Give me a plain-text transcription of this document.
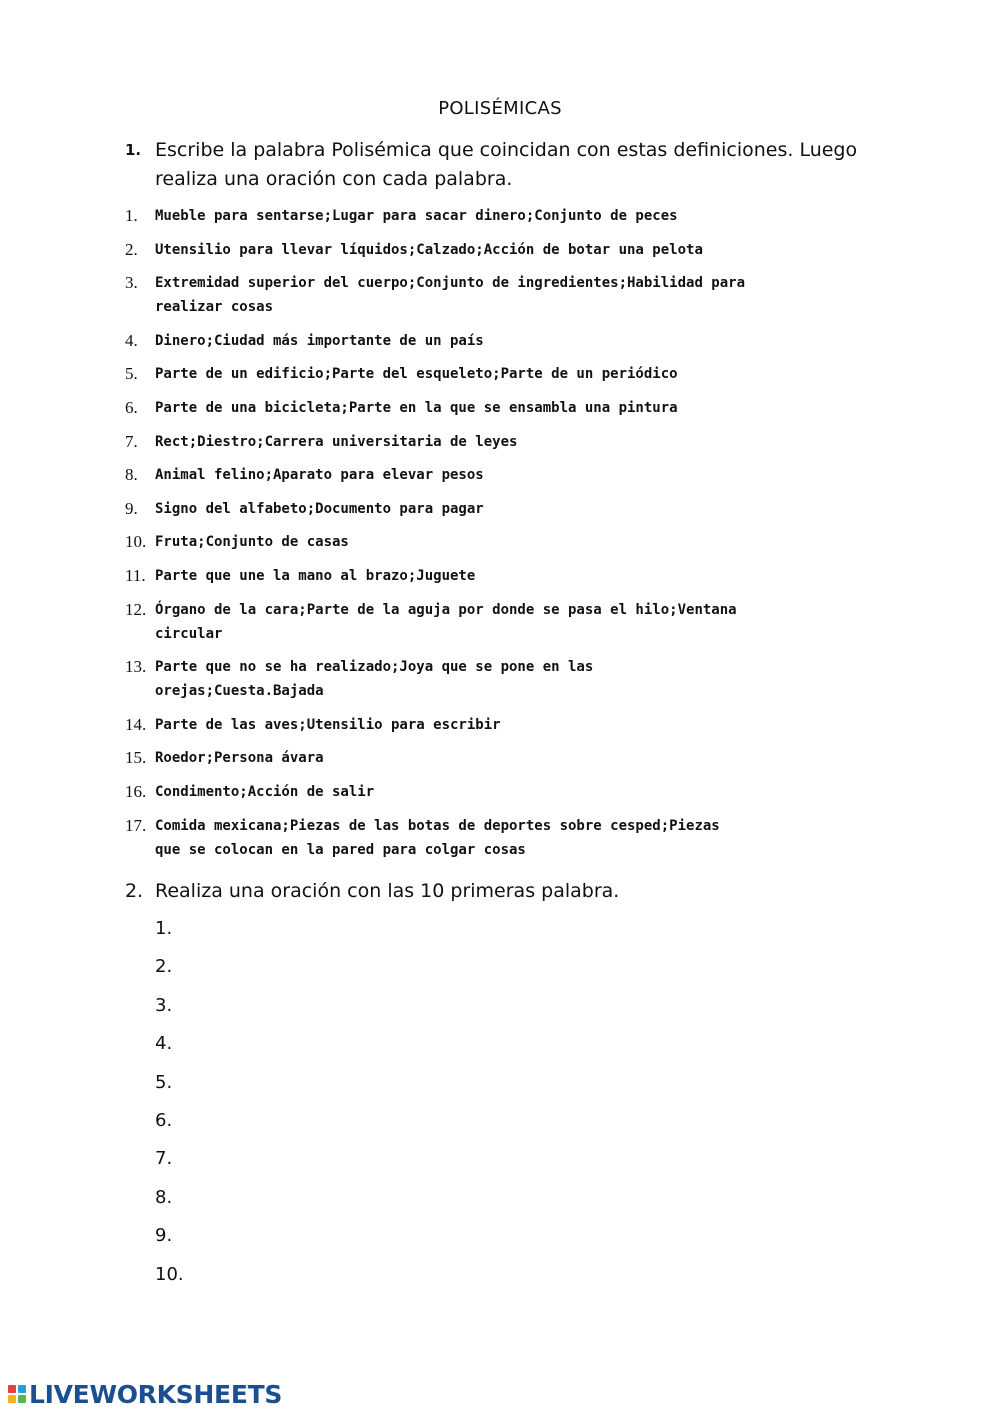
POLISÉMICAS
1. Escribe la palabra Polisémica que coincidan con estas definiciones. Luego realiza una oración con cada palabra.
1.	Mueble para sentarse;Lugar para sacar dinero;Conjunto de peces
2.	Utensilio para llevar líquidos;Calzado;Acción de botar una pelota
3.	Extremidad superior del cuerpo;Conjunto de ingredientes;Habilidad para
realizar cosas
4.	Dinero;Ciudad más importante de un país
5.	Parte de un edificio;Parte del esqueleto;Parte de un periódico
6.	Parte de una bicicleta;Parte en la que se ensambla una pintura
7.	Rect;Diestro;Carrera universitaria de leyes
8.	Animal felino;Aparato para elevar pesos
9.	Signo del alfabeto;Documento para pagar
10. Fruta;Conjunto de casas
11. Parte que une la mano al brazo;Juguete
12. Órgano de la cara;Parte de la aguja por donde se pasa el hilo;Ventana
circular
13. Parte que no se ha realizado;Joya que se pone en las
orejas;Cuesta.Bajada
14. Parte de las aves;Utensilio para escribir
15. Roedor;Persona ávara
16. Condimento;Acción de salir
17. Comida mexicana;Piezas de las botas de deportes sobre cesped;Piezas
que se colocan en la pared para colgar cosas
2. Realiza una oración con las 10 primeras palabra.
1.
2.
3.
4.
5.
6.
7.
8.
9.
10.
LIVEWORKSHEETS
